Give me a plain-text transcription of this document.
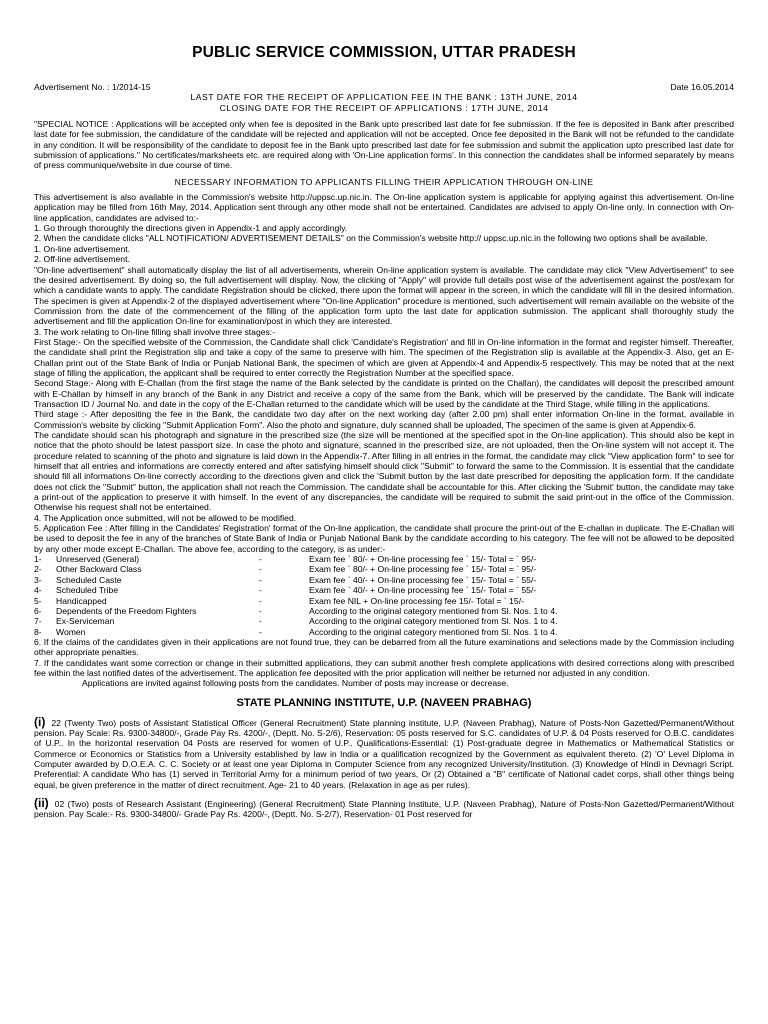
PUBLIC SERVICE COMMISSION, UTTAR PRADESH
Advertisement No. : 1/2014-15	Date 16.05.2014
LAST DATE FOR THE RECEIPT OF APPLICATION FEE IN THE BANK : 13TH JUNE, 2014
CLOSING DATE FOR THE RECEIPT OF APPLICATIONS : 17TH JUNE, 2014
"SPECIAL NOTICE : Applications will be accepted only when fee is deposited in the Bank upto prescribed last date for fee submission. If the fee is deposited in Bank after prescribed last date for fee submission, the candidature of the candidate will be rejected and application will not be accepted. Once fee deposited in the Bank will not be refunded to the candidate in any condition. It will be responsibility of the candidate to deposit fee in the Bank upto prescribed last date for fee submission and submit the application upto prescribed last date for submission of applications." No certificates/marksheets etc. are required along with 'On-Line application forms'. In this connection the candidates shall be informed separately by means of press communique/website in due course of time.
NECESSARY INFORMATION TO APPLICANTS FILLING THEIR APPLICATION THROUGH ON-LINE
This advertisement is also available in the Commission's website http://uppsc.up.nic.in. The On-line application system is applicable for applying against this advertisement. On-line application may be filled from 16th May, 2014. Application sent through any other mode shall not be entertained. Candidates are advised to apply On-line only. In connection with On-line application, candidates are advised to:-
1. Go through thoroughly the directions given in Appendix-1 and apply accordingly.
2. When the candidate clicks "ALL NOTIFICATION/ ADVERTISEMENT DETAILS" on the Commission's website http:// uppsc.up.nic.in the following two options shall be available.
1. On-line advertisement.
2. Off-line advertisement.
"On-line advertisement" shall automatically display the list of all advertisements, wherein On-line application system is available. The candidate may click "View Advertisement" to see the desired advertisement. By doing so, the full advertisement will display. Now, the clicking of "Apply" will provide full details post wise of the advertisement against the post/exam for which a candidate wants to apply. The candidate Registration should be clicked, there upon the format will appear in the screen, in which the candidate will fill in the desired information. The specimen is given at Appendix-2 of the displayed advertisement where "On-line Application" procedure is mentioned, such advertisement will remain available on the website of the Commission from the date of the commencement of the filling of the application form upto the last date for application submission. The applicant shall thoroughly study the advertisement and fill the application On-line for examination/post in which they are interested.
3. The work relating to On-line filling shall involve three stages:-
First Stage:- On the specified website of the Commission, the Candidate shall click 'Candidate's Registration' and fill in On-line information in the format and register himself. Thereafter, the candidate shall print the Registration slip and take a copy of the same to preserve with him. The specimen of the Registration slip is available at the Appendix-3. Also, get an E-Challan print out of the State Bank of India or Punjab National Bank, the specimen of which are given at Appendix-4 and Appendix-5 respectively. This may be noted that at the next stage of filling the application, the applicant shall be required to enter correctly the Registration Number at the specified space.
Second Stage:- Along with E-Challan (from the first stage the name of the Bank selected by the candidate is printed on the Challan), the candidates will deposit the prescribed amount with E-Challan by himself in any branch of the Bank in any District and receive a copy of the same from the Bank, which will be preserved by the candidate. The Bank will indicate Transaction ID / Journal No. and date in the copy of the E-Challan returned to the candidate which will be used by the candidate at the Third Stage, while filling in the applications.
Third stage :- After depositing the fee in the Bank, the candidate two day after on the next working day (after 2.00 pm) shall enter information On-line in the format, available in Commission's website by clicking "Submit Application Form". Also the photo and signature, duly scanned shall be uploaded, The specimen of the same is given at Appendix-6.
The candidate should scan his photograph and signature in the prescribed size (the size will be mentioned at the specified spot in the On-line application). This should also be kept in notice that the photo should be latest passport size. In case the photo and signature, scanned in the prescribed size, are not uploaded, then the On-line system will not accept it. The procedure related to scanning of the photo and signature is laid down in the Appendix-7. After filling in all entries in the format, the candidate may click "View application form" to see for himself that all entries and informations are correctly entered and after satisfying himself should click "Submit" to forward the same to the Commission. It is essential that the candidate should fill all informations On-line correctly according to the directions given and click the 'Submit button by the last date prescribed for depositing the application form. If the candidate does not click the "Submit" button, the application shall not reach the Commission. The candidate shall be accountable for this. After clicking the 'Submit' button, the candidate may take a print-out of the application to preserve it with himself. In the event of any discrepancies, the candidate will be required to submit the said print-out in the office of the Commission. Otherwise his request shall not be entertained.
4. The Application once submitted, will not be allowed to be modified.
5. Application Fee : After filling in the Candidates' Registration' format of the On-line application, the candidate shall procure the print-out of the E-challan in duplicate. The E-Challan will be used to deposit the fee in any of the branches of State Bank of India or Punjab National Bank by the candidate according to his category. The fee will not be allowed to be deposited by any other mode except E-Challan. The above fee, according to the category, is as under:-
1-	Unreserved (General)	-	Exam fee ` 80/- + On-line processing fee ` 15/- Total = ` 95/-
2-	Other Backward Class	-	Exam fee ` 80/- + On-line processing fee ` 15/- Total = ` 95/-
3-	Scheduled Caste	-	Exam fee ` 40/- + On-line processing fee ` 15/- Total = ` 55/-
4-	Scheduled Tribe	-	Exam fee ` 40/- + On-line processing fee ` 15/- Total = ` 55/-
5-	Handicapped	-	Exam fee NIL + On-line processing fee 15/- Total = ` 15/-
6-	Dependents of the Freedom Fighters	-	According to the original category mentioned from Sl. Nos. 1 to 4.
7-	Ex-Serviceman	-	According to the original category mentioned from Sl. Nos. 1 to 4.
8-	Women	-	According to the original category mentioned from Sl. Nos. 1 to 4.
6. If the claims of the candidates given in their applications are not found true, they can be debarred from all the future examinations and selections made by the Commission including other appropriate penalties.
7. If the candidates want some correction or change in their submitted applications, they can submit another fresh complete applications with desired corrections along with prescribed fee within the last notified dates of the advertisement. The application fee deposited with the prior application will neither be returned nor adjusted in any condition.
Applications are invited against following posts from the candidates. Number of posts may increase or decrease.
STATE PLANNING INSTITUTE, U.P. (NAVEEN PRABHAG)
(i) 22 (Twenty Two) posts of Assistant Statistical Officer (General Recruitment) State planning institute, U.P. (Naveen Prabhag), Nature of Posts-Non Gazetted/Permanent/Without pension. Pay Scale: Rs. 9300-34800/-, Grade Pay Rs. 4200/-, (Deptt. No. S-2/6), Reservation: 05 posts reserved for S.C. candidates of U.P. & 04 Posts reserved for O.B.C. candidates of U.P.. In the horizontal reservation 04 Posts are reserved for women of U.P.. Qualifications-Essential: (1) Post-graduate degree in Mathematics or Mathematical Statistics or Commerce or Economics or Statistics from a University established by law in India or a qualification recognized by the Government as equivalent thereto. (2) 'O' Level Diploma in Computer awarded by D.O.E.A. C. C. Society or at least one year Diploma in Computer Science from any recognized University/Institution. (3) Knowledge of Hindi in Devnagri Script. Preferential: A candidate Who has (1) served in Territorial Army for a minimum period of two years, Or (2) Obtained a "B" certificate of National cadet corps, shall other things being equal, be given preference in the matter of direct recruitment. Age- 21 to 40 years. (Relaxation in age as per rules).
(ii) 02 (Two) posts of Research Assistant (Engineering) (General Recruitment) State Planning Institute, U.P. (Naveen Prabhag), Nature of Posts-Non Gazetted/Permanent/Without pension. Pay Scale:- Rs. 9300-34800/- Grade Pay Rs. 4200/-, (Deptt. No. S-2/7), Reservation- 01 Post reserved for
